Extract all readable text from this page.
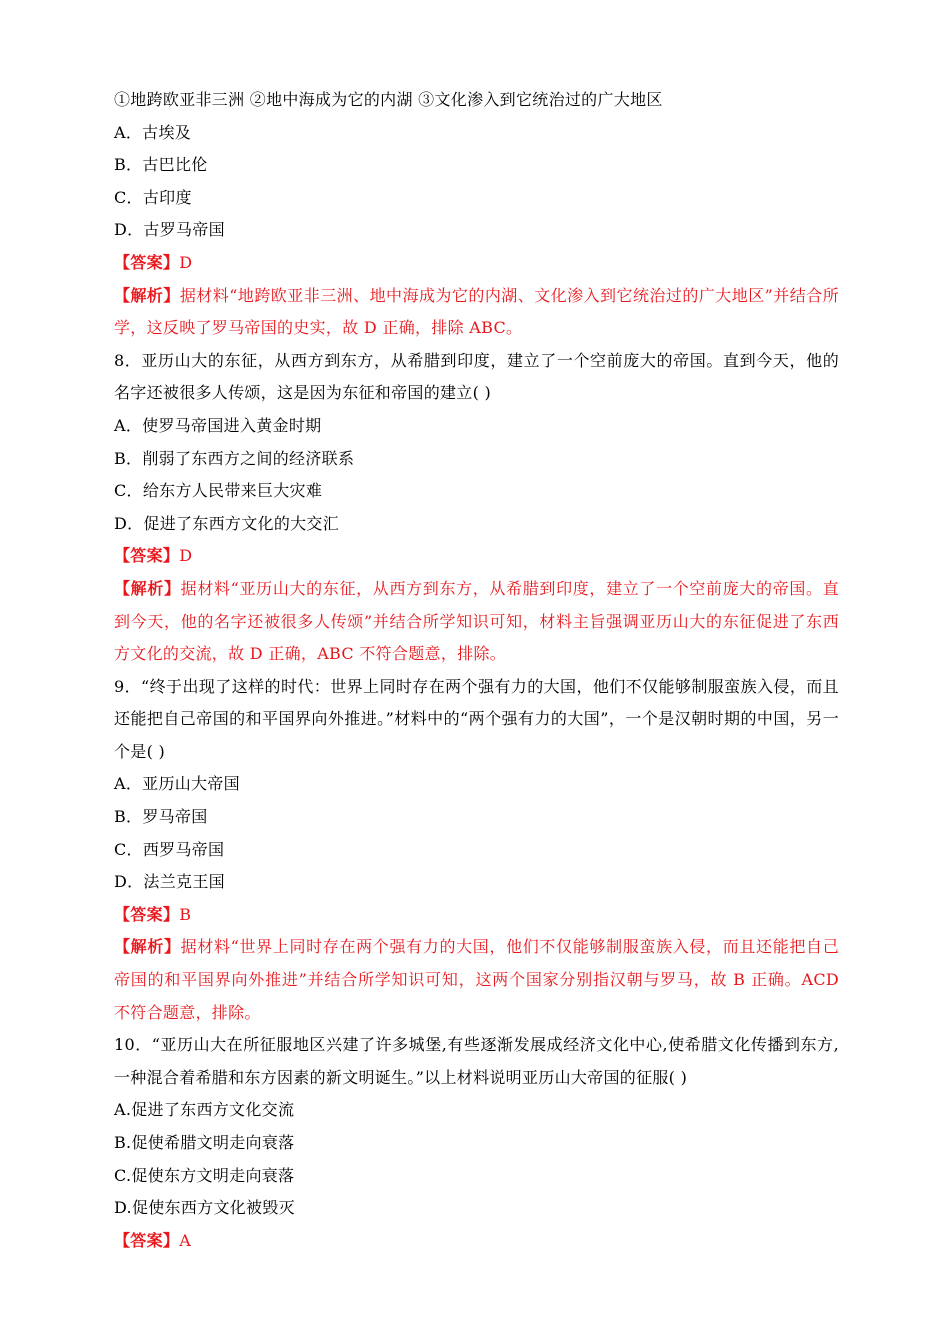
①地跨欧亚非三洲 ②地中海成为它的内湖 ③文化渗入到它统治过的广大地区
A．古埃及
B．古巴比伦
C．古印度
D．古罗马帝国
【答案】D
【解析】据材料“地跨欧亚非三洲、地中海成为它的内湖、文化渗入到它统治过的广大地区”并结合所学，这反映了罗马帝国的史实，故 D 正确，排除 ABC。
8．亚历山大的东征，从西方到东方，从希腊到印度，建立了一个空前庞大的帝国。直到今天，他的名字还被很多人传颂，这是因为东征和帝国的建立( )
A．使罗马帝国进入黄金时期
B．削弱了东西方之间的经济联系
C．给东方人民带来巨大灾难
D．促进了东西方文化的大交汇
【答案】D
【解析】据材料“亚历山大的东征，从西方到东方，从希腊到印度，建立了一个空前庞大的帝国。直到今天，他的名字还被很多人传颂”并结合所学知识可知，材料主旨强调亚历山大的东征促进了东西方文化的交流，故 D 正确，ABC 不符合题意，排除。
9．“终于出现了这样的时代：世界上同时存在两个强有力的大国，他们不仅能够制服蛮族入侵，而且还能把自己帝国的和平国界向外推进。”材料中的“两个强有力的大国”，一个是汉朝时期的中国，另一个是( )
A．亚历山大帝国
B．罗马帝国
C．西罗马帝国
D．法兰克王国
【答案】B
【解析】据材料“世界上同时存在两个强有力的大国，他们不仅能够制服蛮族入侵，而且还能把自己帝国的和平国界向外推进”并结合所学知识可知，这两个国家分别指汉朝与罗马，故 B 正确。ACD 不符合题意，排除。
10．“亚历山大在所征服地区兴建了许多城堡,有些逐渐发展成经济文化中心,使希腊文化传播到东方,一种混合着希腊和东方因素的新文明诞生。”以上材料说明亚历山大帝国的征服( )
A.促进了东西方文化交流
B.促使希腊文明走向衰落
C.促使东方文明走向衰落
D.促使东西方文化被毁灭
【答案】A
